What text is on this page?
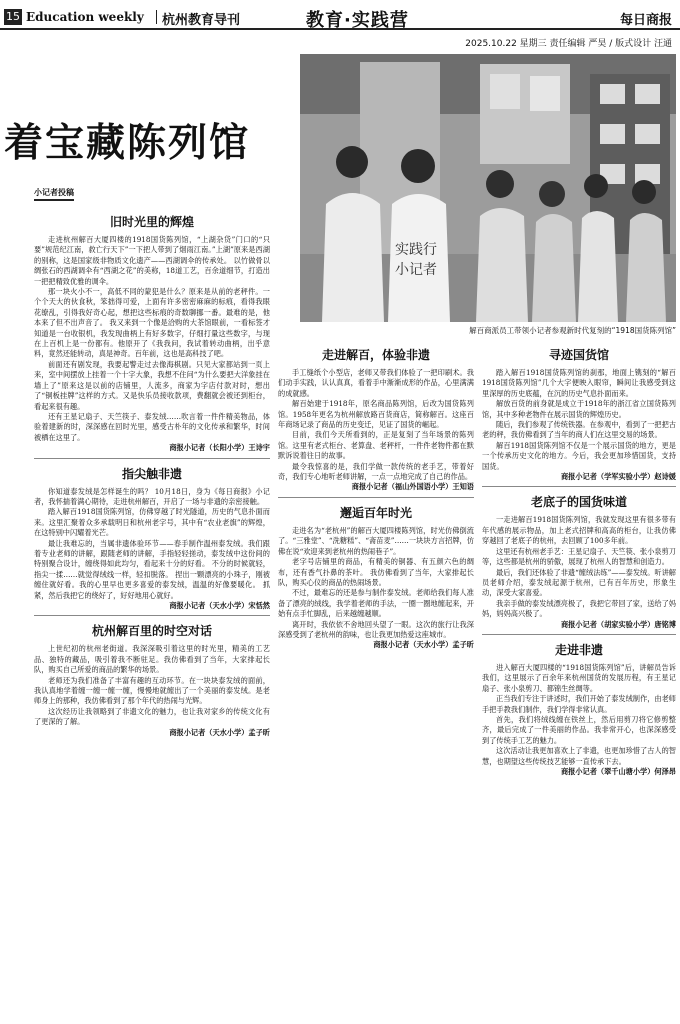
15 Education weekly 杭州教育导刊	教育·实践营	每日商报
2025.10.22 星期三 责任编辑 严昊 / 版式设计 汪通
着宝藏陈列馆
实践行
小记者
解百商派员工带领小记者参观新时代复刻的“1918国货陈列馆”
小记者投稿
旧时光里的辉煌

走进杭州解百大厦四楼的1918国货陈列馆，“上湖杂货”门口的“只要”规范纪江南，救亡行天下”一下把人带到了烟雨江南。”上湖”原来是西湖的别称，这是国家级非物质文化遗产——西湖调伞的传承处。 以竹做骨以绸张石的西湖调伞有“西湖之花”的美称，18道工艺，百余道细节，打造出一把把精致优雅的调伞。

那一块火小不一，高低不同的蒙犯是什么？原来是从前的老秤件。一个个天大的伙食秋，笨拙得可爱，上面有许多密密麻麻的标痕，看得我眼花缭乱，引得我好奇心起，想把这些标痕的奇数聊挪一番。最难的是，他本来了但不出声音了。 我又来到一个像是洽购的大茶馆眼前，一看标签才知道是一台收银机，我发现曲柄上有好多数字，仔细打量这些数字，与现在上百机上是一份都有。他原开了《我我问，我试着转动曲柄，出乎意料，竟然还能转动，真是神奇。百年前，这也是高科技了吧。

前面还有剧发现，我要起警走过去像海棋剧。只见大家都站到一页上来，室中间摆放上挂着一个十字大象，我想不住问“为什么要把大洋象挂在墙上了”原来这是以前的店铺里，人流多，商家为字店付款对时，想出了“铜板挂牌”这样的方式。又是快乐员接收款项，费翻就会被还到柜台，看起来很有趣。

还有王星记扇子、天竺筷子、泰发绒……吹言着一件件精美物品，体验着建新的时，深深感在回时光里，感受古朴年的文化传承和繁华，时间被栖在这里了。

商报小记者（长阳小学）王诗宇
指尖触非遗

你知道泰发绒是怎样诞生的吗？ 10月18日，身为《每日商报》小记者，我怀揣着满心期待，走进杭州解百，开启了一场与非遗的亲密接触。

踏入解百1918国货陈列馆，仿佛穿越了时光隧道，历史的气息扑面而来。这里汇聚着众多承载明日和杭州老字号，其中有“农业老旗”的辉煌，在这特别中闪耀着光芒。

最让我难忘的，当属非遗体验环节——春手制作温州泰发绒。我们跟着专业老师的讲解，跟随老师的讲解，手指轻轻搓动，泰发绒中这份间的特别聚合设计，缠绕得如此均匀，看起来十分的好看。 不分的时候就轻，指尖一揉……就觉得绒线一样，轻扣脱落。 捏出一颗漂亮的小珠子，刚被缠住就好看。我的心里早也更多喜爱的泰发绒，温温的好像要暖化。 抓紧，然后我把它的绕好了，好好地用心就好。

商报小记者（天水小学）宋恬然
杭州解百里的时空对话

上世纪初的杭州老街道。我深深吸引着这里的时光里，精美的工艺品、独特的藏品，吸引着我不断驻足。我仿佛看到了当年，大家排起长队，购买自己所爱的商品的繁华的场景。

老师还为我们准备了丰富有趣的互动环节。在一块块泰发绒的面前，我认真地学着缠一缠一缠一缠，慢慢地就缠出了一个美丽的泰发绒。是老师身上的那种，我仿佛看到了那个年代的热闹与光辉。

这次经历让我领略到了非遗文化的魅力，也让我对家乡的传统文化有了更深的了解。

商报小记者（天水小学）孟子昕
走进解百，体验非遗

手工缝纸个小型店，老师又带我们体验了一把印刷术。我们动手实践，认认真真，看着手中渐渐成形的作品，心里满满的成就感。

解百始建于1918年，原名商品陈列馆，后改为国货陈列馆。1958年更名为杭州解放路百货商店，简称解百。这座百年商场记录了商品的历史变迁，见证了国货的崛起。

目前，我们今天所看到的，正是复刻了当年场景的陈列馆。这里有老式柜台、老算盘、老秤杆，一件件老物件都在默默诉说着往日的故事。

最令我惊喜的是，我们学做一款传统的老手艺，带着好奇，我们专心地听老师讲解，一点一点地完成了自己的作品。

商报小记者（福山外国语小学）王知语
邂逅百年时光

走进名为“老杭州”的解百大厦四楼陈列馆，时光仿佛倒流了。“三雅堂”、“洗糖糕”、“斋苗麦”……一块块方言招牌，仿佛在说“欢迎来到老杭州的热闹巷子”。

老字号店铺里的商品，有精美的铜器、有五颜六色的绸布，还有香气扑鼻的茶叶。 我仿佛看到了当年，大家排起长队，购买心仪的商品的热闹场景。

不过，最难忘的还是参与制作泰发绒。老师给我们每人准备了漂亮的绒线，我学着老师的手法，一圈一圈地缠起来，开始有点手忙脚乱，后来越缠越顺。

离开时，我依依不舍地回头望了一眼。这次的旅行让我深深感受到了老杭州的韵味，也让我更加热爱这座城市。

商报小记者（天水小学）孟子昕
寻迹国货馆

踏入解百1918国货陈列馆的刹那，地面上镌刻的“解百1918国货陈列馆”几个大字便映入眼帘，瞬间让我感受到这里深厚的历史底蕴，在沉的历史气息扑面而来。

解放百货的前身就是成立于1918年的浙江省立国货陈列馆，其中多种老物件在展示国货的辉煌历史。

随后，我们参观了传统铁器。在参观中，看到了一把把古老的秤，我仿佛看到了当年的商人们在这里交易的场景。

解百1918国货陈列馆不仅是一个展示国货的地方，更是一个传承历史文化的地方。今后，我会更加珍惜国货，支持国货。

商报小记者（学军实验小学）赵诗媛
老底子的国货味道

一走进解百1918国货陈列馆，我就发现这里有很多带有年代感的展示物品，加上老式招牌和高高的柜台，让我仿佛穿越回了老底子的杭州，去回顾了100多年前。

这里还有杭州老手艺：王星记扇子、天竺筷、张小泉剪刀等，这些都是杭州的骄傲，展现了杭州人的智慧和创造力。

最后，我们还体验了非遗“缠绒法练”——泰发绒。听讲解员老师介绍，泰发绒起源于杭州，已有百年历史，形象生动，深受大家喜爱。

我亲手做的泰发绒漂亮极了，我把它带回了家，送给了妈妈，妈妈高兴极了。

商报小记者（胡家实验小学）唐铭博
走进非遗

进入解百大厦四楼的“1918国货陈列馆”后，讲解员告诉我们，这里展示了百余年来杭州国货的发展历程，有王星记扇子、张小泉剪刀、都锦生丝绸等。

正当我们专注于讲述时，我们开始了泰发绒制作，由老师手把手教我们制作，我们学得非常认真。

首先，我们将绒线缠在铁丝上，然后用剪刀将它修剪整齐，最后完成了一件美丽的作品。我非常开心，也深深感受到了传统手工艺的魅力。

这次活动让我更加喜欢上了非遗，也更加珍惜了古人的智慧，也期望这些传统技艺能够一直传承下去。

商报小记者（翠千山塘小学）何泽昂
